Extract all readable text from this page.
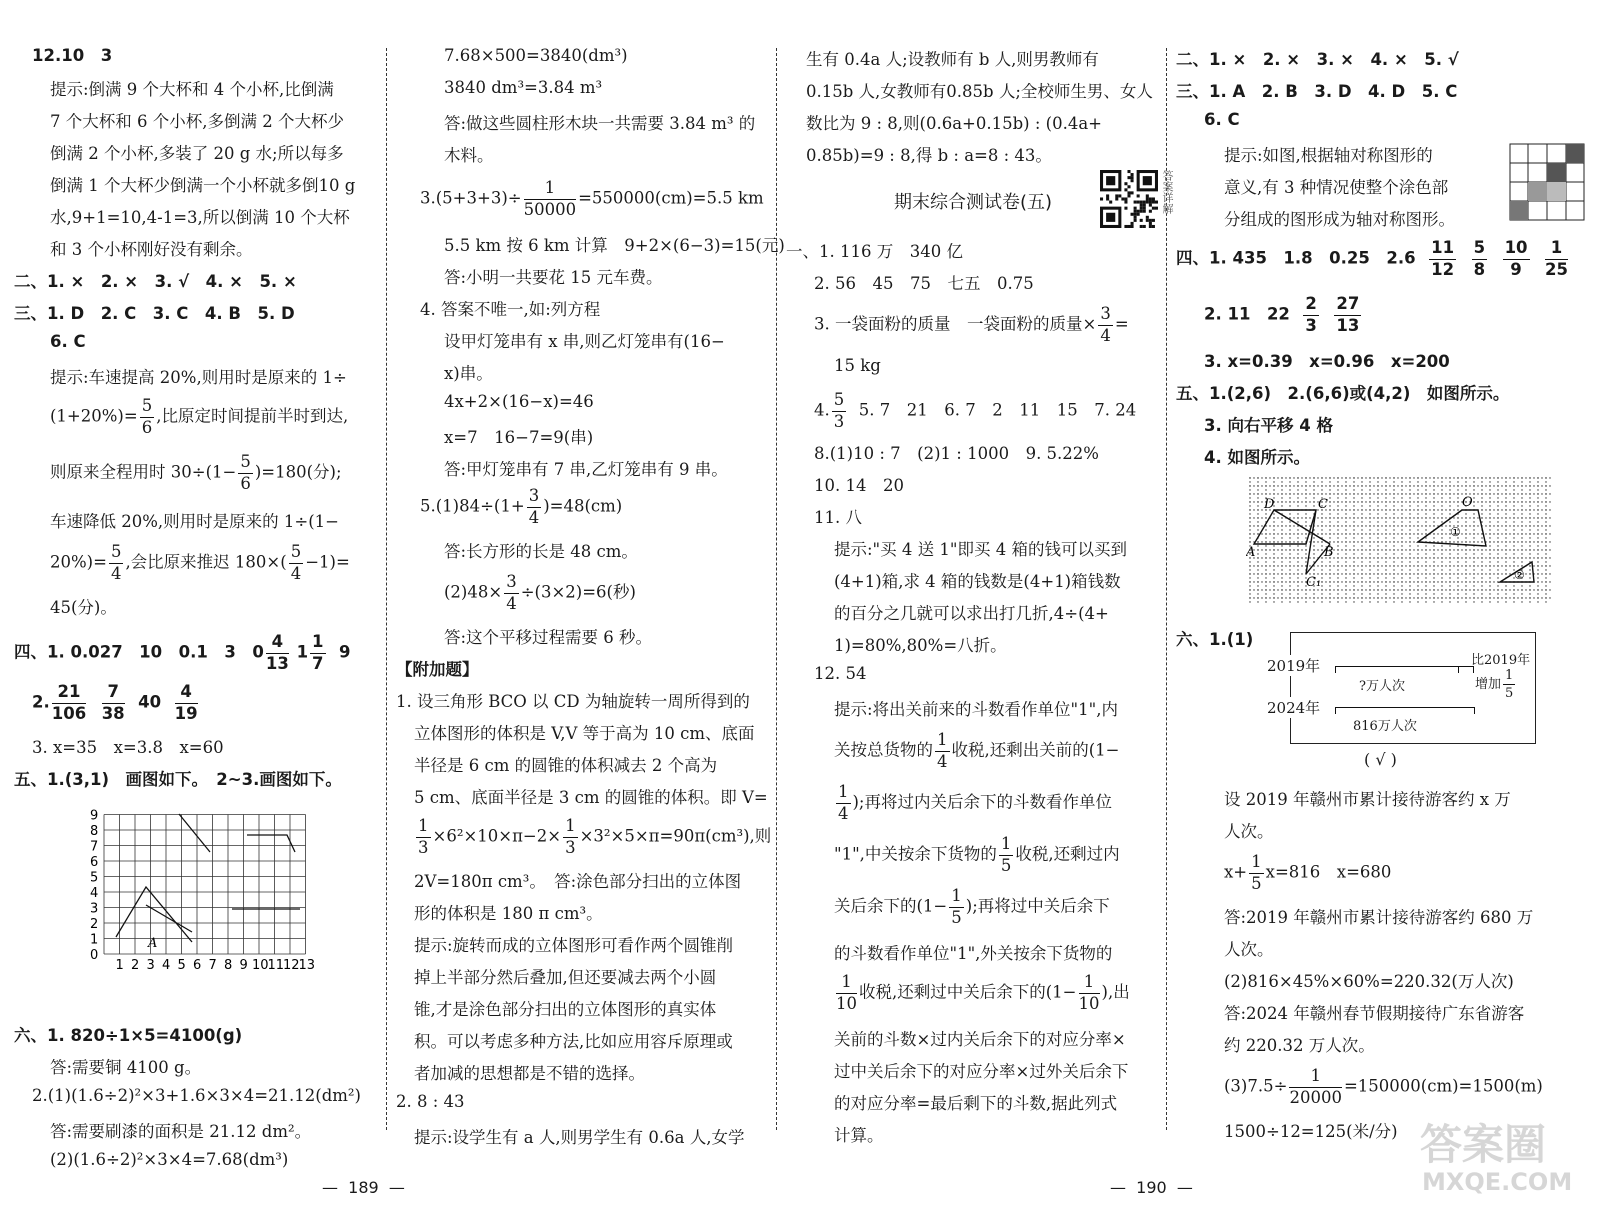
12.10　3
提示:倒满 9 个大杯和 4 个小杯,比倒满
7 个大杯和 6 个小杯,多倒满 2 个大杯少
倒满 2 个小杯,多装了 20 g 水;所以每多
倒满 1 个大杯少倒满一个小杯就多倒10 g
水,9+1=10,4-1=3,所以倒满 10 个大杯
和 3 个小杯刚好没有剩余。
二、1. ×　2. ×　3. √　4. ×　5. ×
三、1. D　2. C　3. C　4. B　5. D
6. C
提示:车速提高 20%,则用时是原来的 1÷
$(1+20\%)= \frac{5}{6}$ ,比原定时间提前半时到达,
则原来全程用时 $30\div(1- \frac{5}{6} )=180$(分);
车速降低 20%,则用时是原来的 1÷(1−
$20\%)= \frac{5}{4}$ ,会比原来推迟 $180\times( \frac{5}{4} -1)=$
45(分)。
四、1. 0.027　10　0.1　3　$0 \frac{4}{13} 1 \frac{1}{7} 9$
2. $\frac{21}{106}$
$\frac{7}{38} 40 \frac{4}{19}$
3. x=35　x=3.8　x=60
五、1.(3,1)　画图如下。　2~3.画图如下。
六、1. 820÷1×5=4100(g)
答:需要铜 4100 g。
2.(1)(1.6÷2)²×3+1.6×3×4=21.12(dm²)
答:需要刷漆的面积是 21.12 dm²。
(2)(1.6÷2)²×3×4=7.68(dm³)
9
8
7
6
5
4
3
2
1
0
1 2 3 4 5 6 7 8 9 10
11
12
13
A
7.68×500=3840(dm³)
3840 dm³=3.84 m³
答:做这些圆柱形木块一共需要 3.84 m³ 的
木料。
$3.(5+3+3)\div \frac{1}{50000} =550000(cm)=5.5$ km
5.5 km 按 6 km 计算　9+2×(6−3)=15(元)
答:小明一共要花 15 元车费。
4. 答案不唯一,如:列方程
设甲灯笼串有 x 串,则乙灯笼串有(16−
x)串。
4x+2×(16−x)=46
x=7　16−7=9(串)
答:甲灯笼串有 7 串,乙灯笼串有 9 串。
$5.(1)84\div(1+ \frac{3}{4} )=48(cm)$
答:长方形的长是 48 cm。
$(2)48\times \frac{3}{4} \div(3\times 2)=6$(秒)
答:这个平移过程需要 6 秒。
【附加题】
1. 设三角形 BCO 以 CD 为轴旋转一周所得到的
立体图形的体积是 V,V 等于高为 10 cm、底面
半径是 6 cm 的圆锥的体积减去 2 个高为
5 cm、底面半径是 3 cm 的圆锥的体积。即 V=
$\frac{1}{3} \times 6^2\times 10\times\pi-2\times \frac{1}{3} \times 3^2\times 5\times\pi=90\pi(cm^3)$,则
2V=180π cm³。　答:涂色部分扫出的立体图
形的体积是 180 π cm³。
提示:旋转而成的立体图形可看作两个圆锥削
掉上半部分然后叠加,但还要减去两个小圆
锥,才是涂色部分扫出的立体图形的真实体
积。可以考虑多种方法,比如应用容斥原理或
者加减的思想都是不错的选择。
2. 8 : 43
提示:设学生有 a 人,则男学生有 0.6a 人,女学
生有 0.4a 人;设教师有 b 人,则男教师有
0.15b 人,女教师有0.85b 人;全校师生男、女人
数比为 9 : 8,则(0.6a+0.15b) : (0.4a+
0.85b)=9 : 8,得 b : a=8 : 43。
期末综合测试卷(五)
一、1. 116 万　340 亿
2. 56　45　75　七五　0.75
3. 一袋面粉的质量　一袋面粉的质量× $\frac{3}{4}$ =
15 kg
4. $\frac{5}{3} 5$. 7　21　6. 7　2　11　15　7. 24
8.(1)10 : 7　(2)1 : 1000　9. 5.22%
10. 14　20
11. 八
提示:"买 4 送 1"即买 4 箱的钱可以买到
(4+1)箱,求 4 箱的钱数是(4+1)箱钱数
的百分之几就可以求出打几折,4÷(4+
1)=80%,80%=八折。
12. 54
提示:将出关前来的斗数看作单位"1",内
关按总货物的 $\frac{1}{4}$ 收税,还剩出关前的(1−
$\frac{1}{4}$ );再将过内关后余下的斗数看作单位
"1",中关按余下货物的 $\frac{1}{5}$ 收税,还剩过内
关后余下的($1- \frac{1}{5}$ );再将过中关后余下
的斗数看作单位"1",外关按余下货物的
$\frac{1}{10}$ 收税,还剩过中关后余下的($1- \frac{1}{10}$ ),出
关前的斗数×过内关后余下的对应分率×
过中关后余下的对应分率×过外关后余下
的对应分率=最后剩下的斗数,据此列式
计算。
答案详解
二、1. ×　2. ×　3. ×　4. ×　5. √
三、1. A　2. B　3. D　4. D　5. C
6. C
提示:如图,根据轴对称图形的
意义,有 3 种情况使整个涂色部
分组成的图形成为轴对称图形。
四、1. 435　1.8　0.25　$2.6 \frac{11}{12}$
$\frac{5}{8}$
$\frac{10}{9}$
$\frac{1}{25}$
2. 11　$22 \frac{2}{3}$
$\frac{27}{13}$
3. x=0.39　x=0.96　x=200
五、1.(2,6)　2.(6,6)或(4,2)　如图所示。
3. 向右平移 4 格
4. 如图所示。
六、1.(1)
设 2019 年赣州市累计接待游客约 x 万
人次。
$x+ \frac{1}{5} x=816$　x=680
答:2019 年赣州市累计接待游客约 680 万
人次。
(2)816×45%×60%=220.32(万人次)
答:2024 年赣州春节假期接待广东省游客
约 220.32 万人次。
$(3)7.5\div \frac{1}{20000} =150000(cm)=1500(m)$
1500÷12=125(米/分)
D	C
A	B
C₁
O
①
②
2019年
2024年
?万人次
816万人次
比2019年
增加 $\frac{1}{5}$
( √ )
—  189  —	—  190  —
答案圈
MXQE.COM
